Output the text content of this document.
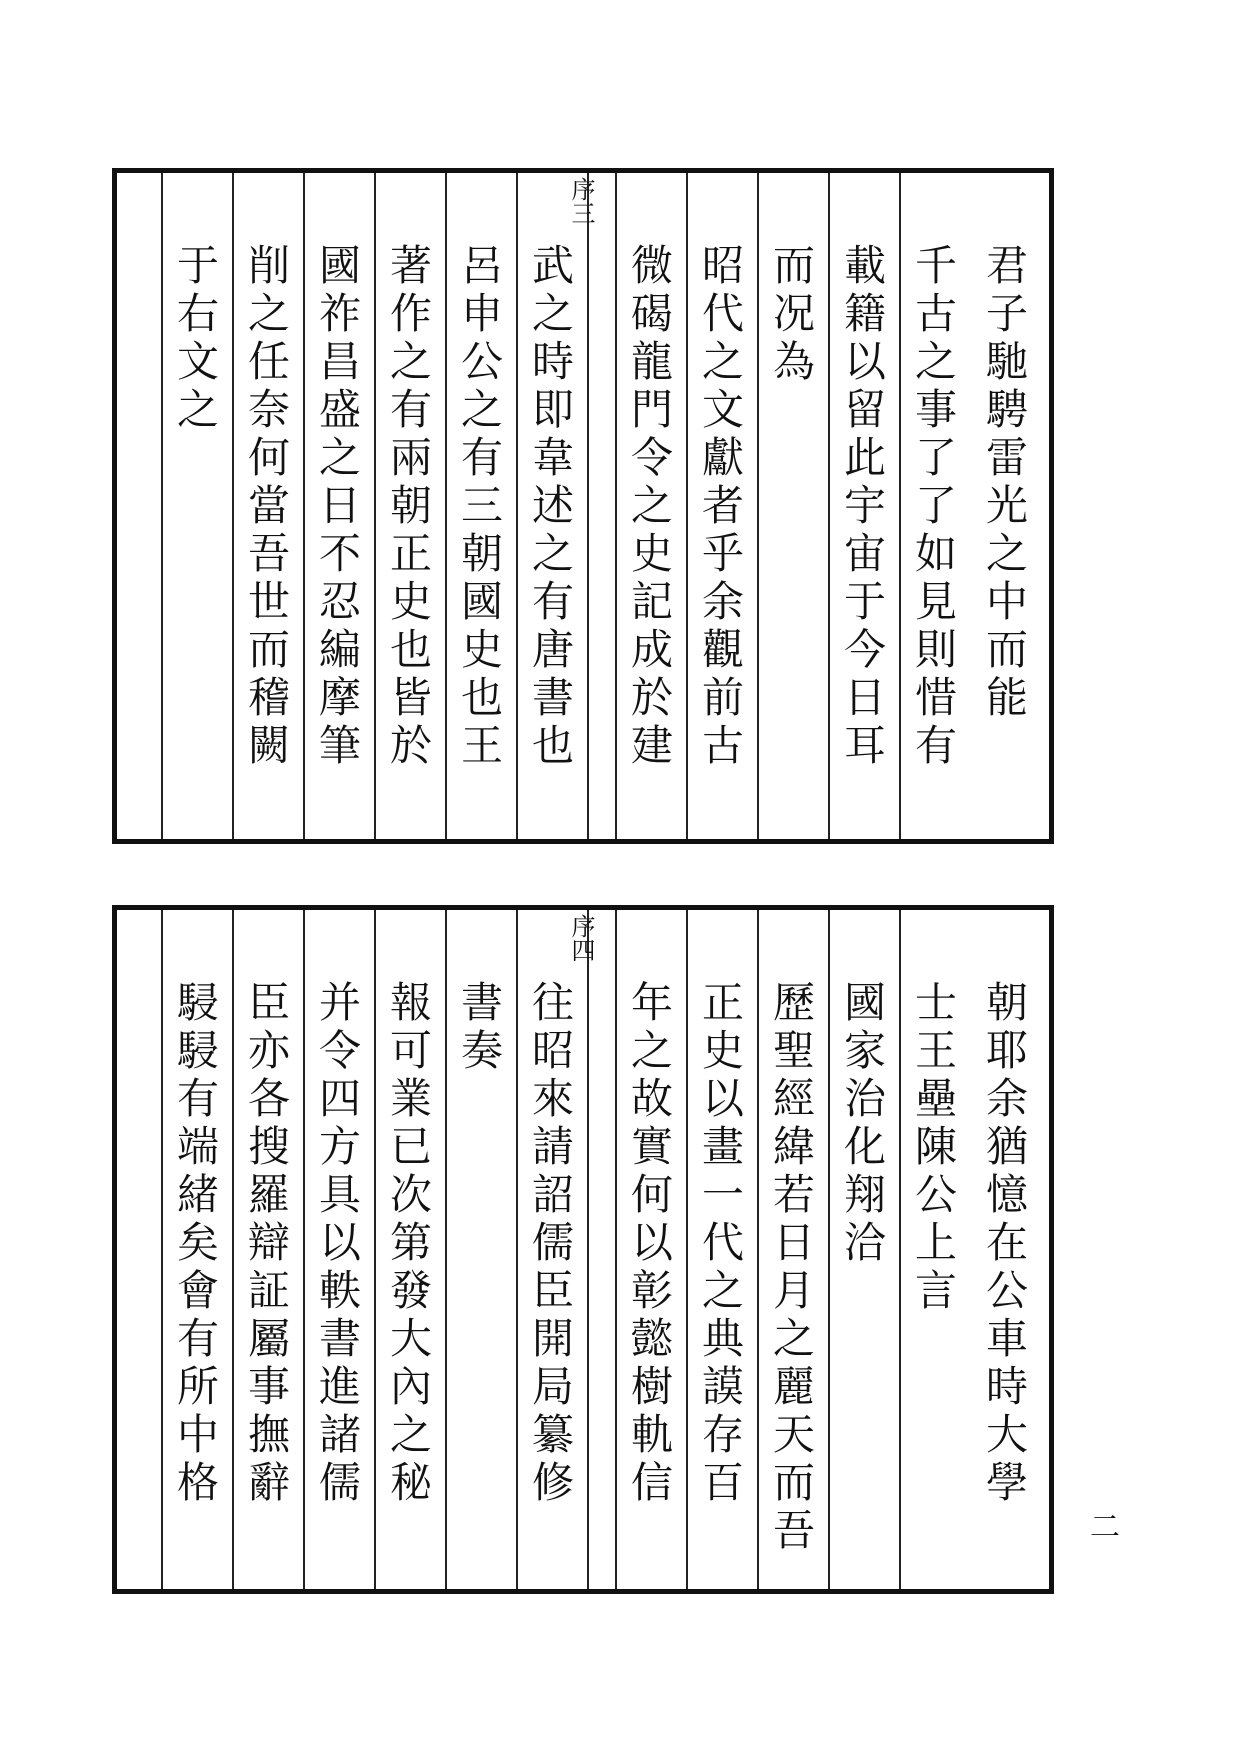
君子馳騁雷光之中而能
千古之事了了如見則惜有
載籍以留此宇宙于今日耳
而况為
昭代之文獻者乎余觀前古
微碣龍門令之史記成於建
序三
武之時即韋述之有唐書也
呂申公之有三朝國史也王
著作之有兩朝正史也皆於
國祚昌盛之日不忍編摩筆
削之任奈何當吾世而稽闕
于右文之
朝耶余猶憶在公車時大學
士王壘陳公上言
國家治化翔洽
歷聖經緯若日月之麗天而吾
正史以畫一代之典謨存百
年之故實何以彰懿樹軌信
序四
往昭來請詔儒臣開局纂修
書奏
報可業已次第發大內之秘
并令四方具以軼書進諸儒
臣亦各搜羅辯証屬事撫辭
駸駸有端緒矣會有所中格
二
